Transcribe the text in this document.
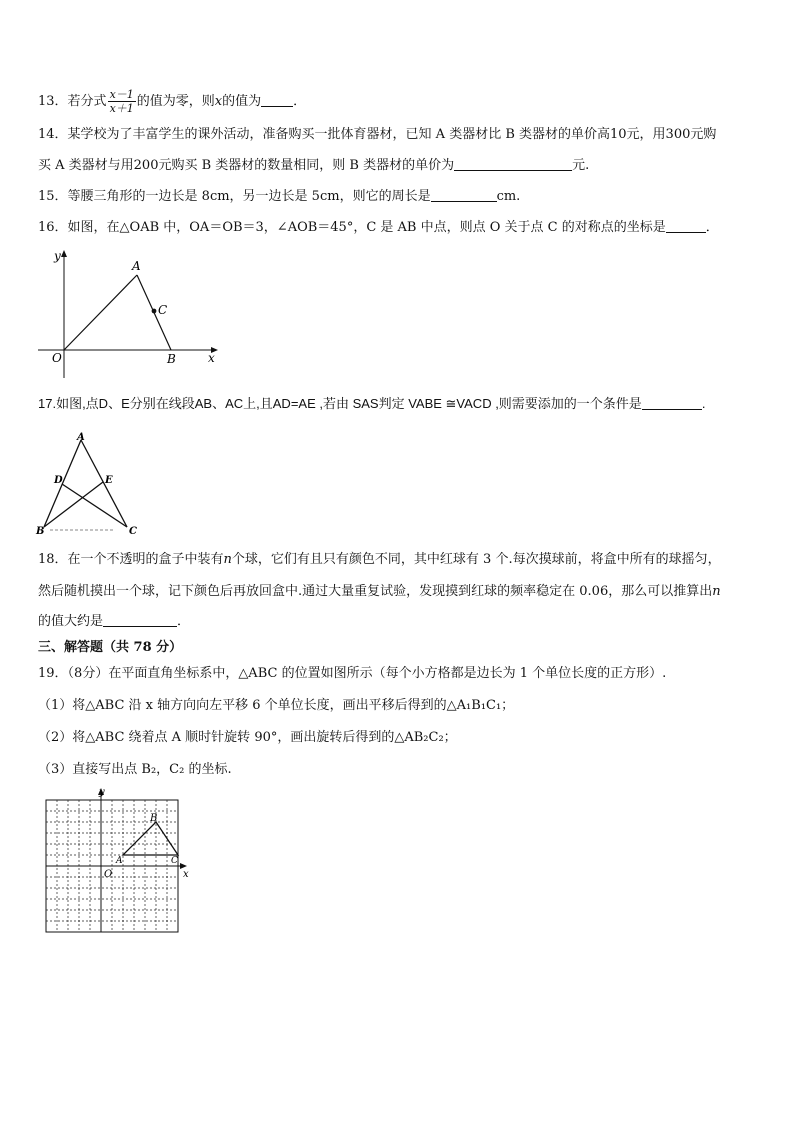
13．若分式 $\frac{x-1}{x+1}$ 的值为零，则x的值为 ．
14．某学校为了丰富学生的课外活动，准备购买一批体育器材，已知 A 类器材比 B 类器材的单价高10元，用300元购
买 A 类器材与用200元购买 B 类器材的数量相同，则 B 类器材的单价为	元.
15．等腰三角形的一边长是 8cm，另一边长是 5cm，则它的周长是	cm.
16．如图，在△OAB 中，OA＝OB＝3，∠AOB＝45°，C 是 AB 中点，则点 O 关于点 C 的对称点的坐标是	．
y
x
A
B
C
O
17.如图,点D、E分别在线段AB、AC上,且AD=AE ,若由 SAS判定 VABE ≅VACD ,则需要添加的一个条件是	.
A
B	C
D	E
18．在一个不透明的盒子中装有n个球，它们有且只有颜色不同，其中红球有 3 个.每次摸球前，将盒中所有的球摇匀，
然后随机摸出一个球，记下颜色后再放回盒中.通过大量重复试验，发现摸到红球的频率稳定在 0.06，那么可以推算出n
的值大约是	．
三、解答题（共 78 分）
19．（8分）在平面直角坐标系中，△ABC 的位置如图所示（每个小方格都是边长为 1 个单位长度的正方形）.
（1）将△ABC 沿 x 轴方向向左平移 6 个单位长度，画出平移后得到的△A₁B₁C₁；
（2）将△ABC 绕着点 A 顺时针旋转 90°，画出旋转后得到的△AB₂C₂；
（3）直接写出点 B₂，C₂ 的坐标.
y
x
O
A
B
C
